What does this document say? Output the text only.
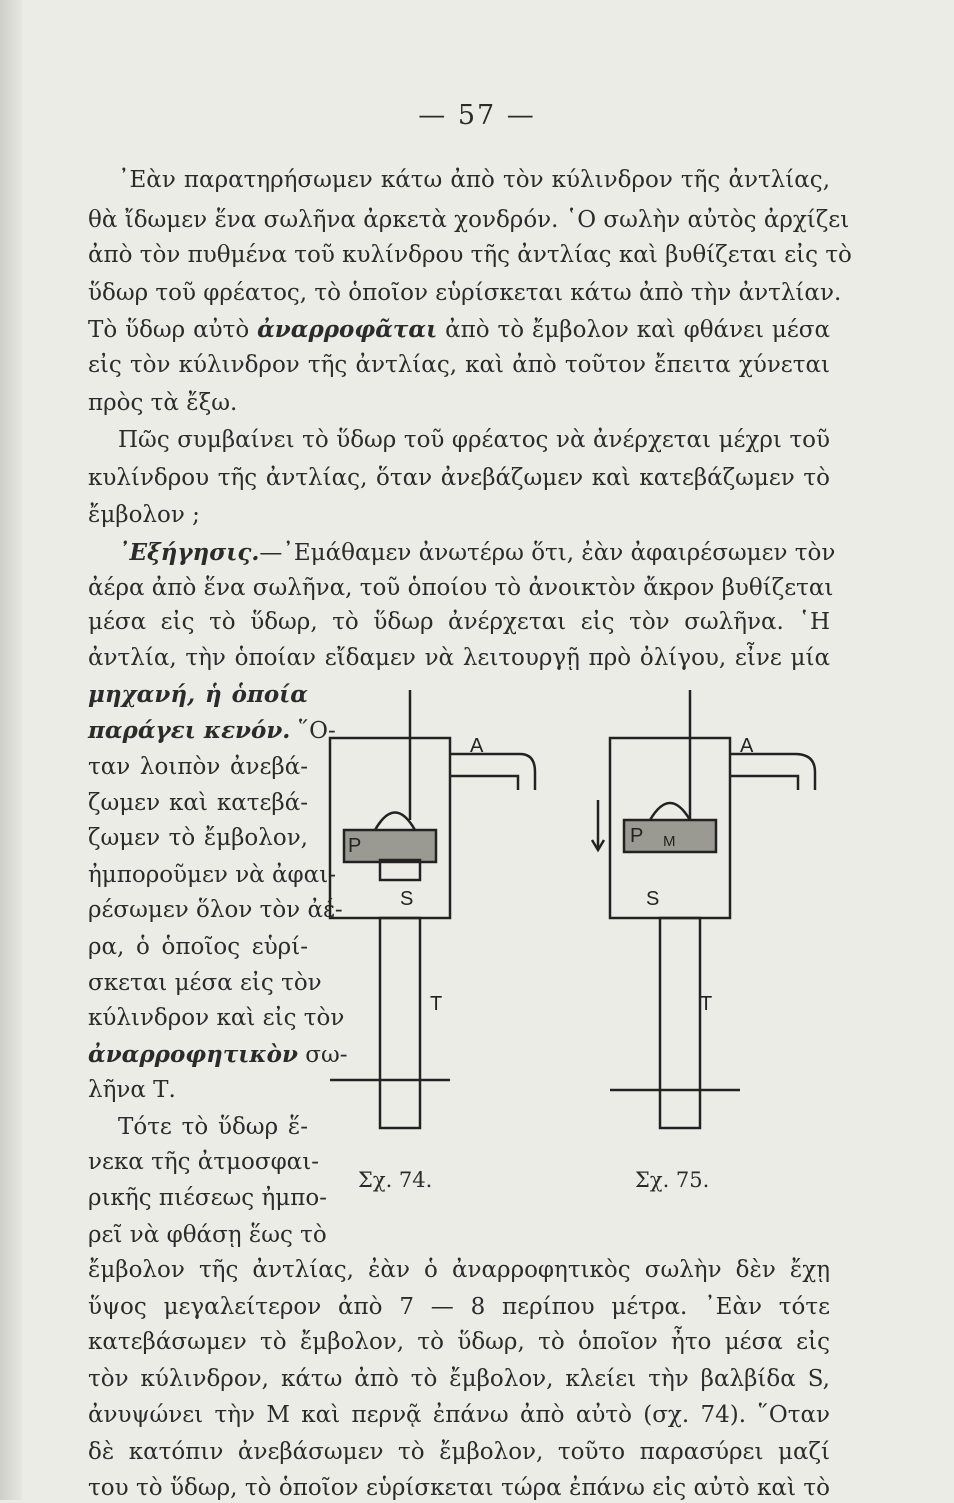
— 57 —
᾿Εὰν παρατηρήσωμεν κάτω ἀπὸ τὸν κύλινδρον τῆς ἀντλίας,
θὰ ἴδωμεν ἕνα σωλῆνα ἀρκετὰ χονδρόν. ῾Ο σωλὴν αὐτὸς ἀρχίζει
ἀπὸ τὸν πυθμένα τοῦ κυλίνδρου τῆς ἀντλίας καὶ βυθίζεται εἰς τὸ
ὕδωρ τοῦ φρέατος, τὸ ὁποῖον εὑρίσκεται κάτω ἀπὸ τὴν ἀντλίαν.
Τὸ ὕδωρ αὐτὸ ἀναρροφᾶται ἀπὸ τὸ ἔμβολον καὶ φθάνει μέσα
εἰς τὸν κύλινδρον τῆς ἀντλίας, καὶ ἀπὸ τοῦτον ἔπειτα χύνεται
πρὸς τὰ ἔξω.
Πῶς συμβαίνει τὸ ὕδωρ τοῦ φρέατος νὰ ἀνέρχεται μέχρι τοῦ
κυλίνδρου τῆς ἀντλίας, ὅταν ἀνεβάζωμεν καὶ κατεβάζωμεν τὸ
ἔμβολον ;
᾿Εξήγησις.—᾿Εμάθαμεν ἀνωτέρω ὅτι, ἐὰν ἀφαιρέσωμεν τὸν
ἀέρα ἀπὸ ἕνα σωλῆνα, τοῦ ὁποίου τὸ ἀνοικτὸν ἄκρον βυθίζεται
μέσα εἰς τὸ ὕδωρ, τὸ ὕδωρ ἀνέρχεται εἰς τὸν σωλῆνα. ῾Η
ἀντλία, τὴν ὁποίαν εἴδαμεν νὰ λειτουργῇ πρὸ ὀλίγου, εἶνε μία
μηχανή, ἡ ὁποία
παράγει κενόν. ῞Ο-
ταν λοιπὸν ἀνεβά-
ζωμεν καὶ κατεβά-
ζωμεν τὸ ἔμβολον,
ἠμποροῦμεν νὰ ἀφαι-
ρέσωμεν ὅλον τὸν ἀέ-
ρα, ὁ ὁποῖος εὑρί-
σκεται μέσα εἰς τὸν
κύλινδρον καὶ εἰς τὸν
ἀναρροφητικὸν σω-
λῆνα Τ.
Τότε τὸ ὕδωρ ἕ-
νεκα τῆς ἀτμοσφαι-
ρικῆς πιέσεως ἠμπο-
ρεῖ νὰ φθάσῃ ἕως τὸ
ἔμβολον τῆς ἀντλίας, ἐὰν ὁ ἀναρροφητικὸς σωλὴν δὲν ἔχῃ
ὕψος μεγαλείτερον ἀπὸ 7 — 8 περίπου μέτρα. ᾿Εὰν τότε
κατεβάσωμεν τὸ ἔμβολον, τὸ ὕδωρ, τὸ ὁποῖον ἦτο μέσα εἰς
τὸν κύλινδρον, κάτω ἀπὸ τὸ ἔμβολον, κλείει τὴν βαλβίδα S,
ἀνυψώνει τὴν Μ καὶ περνᾷ ἐπάνω ἀπὸ αὐτὸ (σχ. 74). ῞Οταν
δὲ κατόπιν ἀνεβάσωμεν τὸ ἔμβολον, τοῦτο παρασύρει μαζί
του τὸ ὕδωρ, τὸ ὁποῖον εὑρίσκεται τώρα ἐπάνω εἰς αὐτὸ καὶ τὸ
A
P
S
T
A
P M
S
T
Σχ. 74.	Σχ. 75.
